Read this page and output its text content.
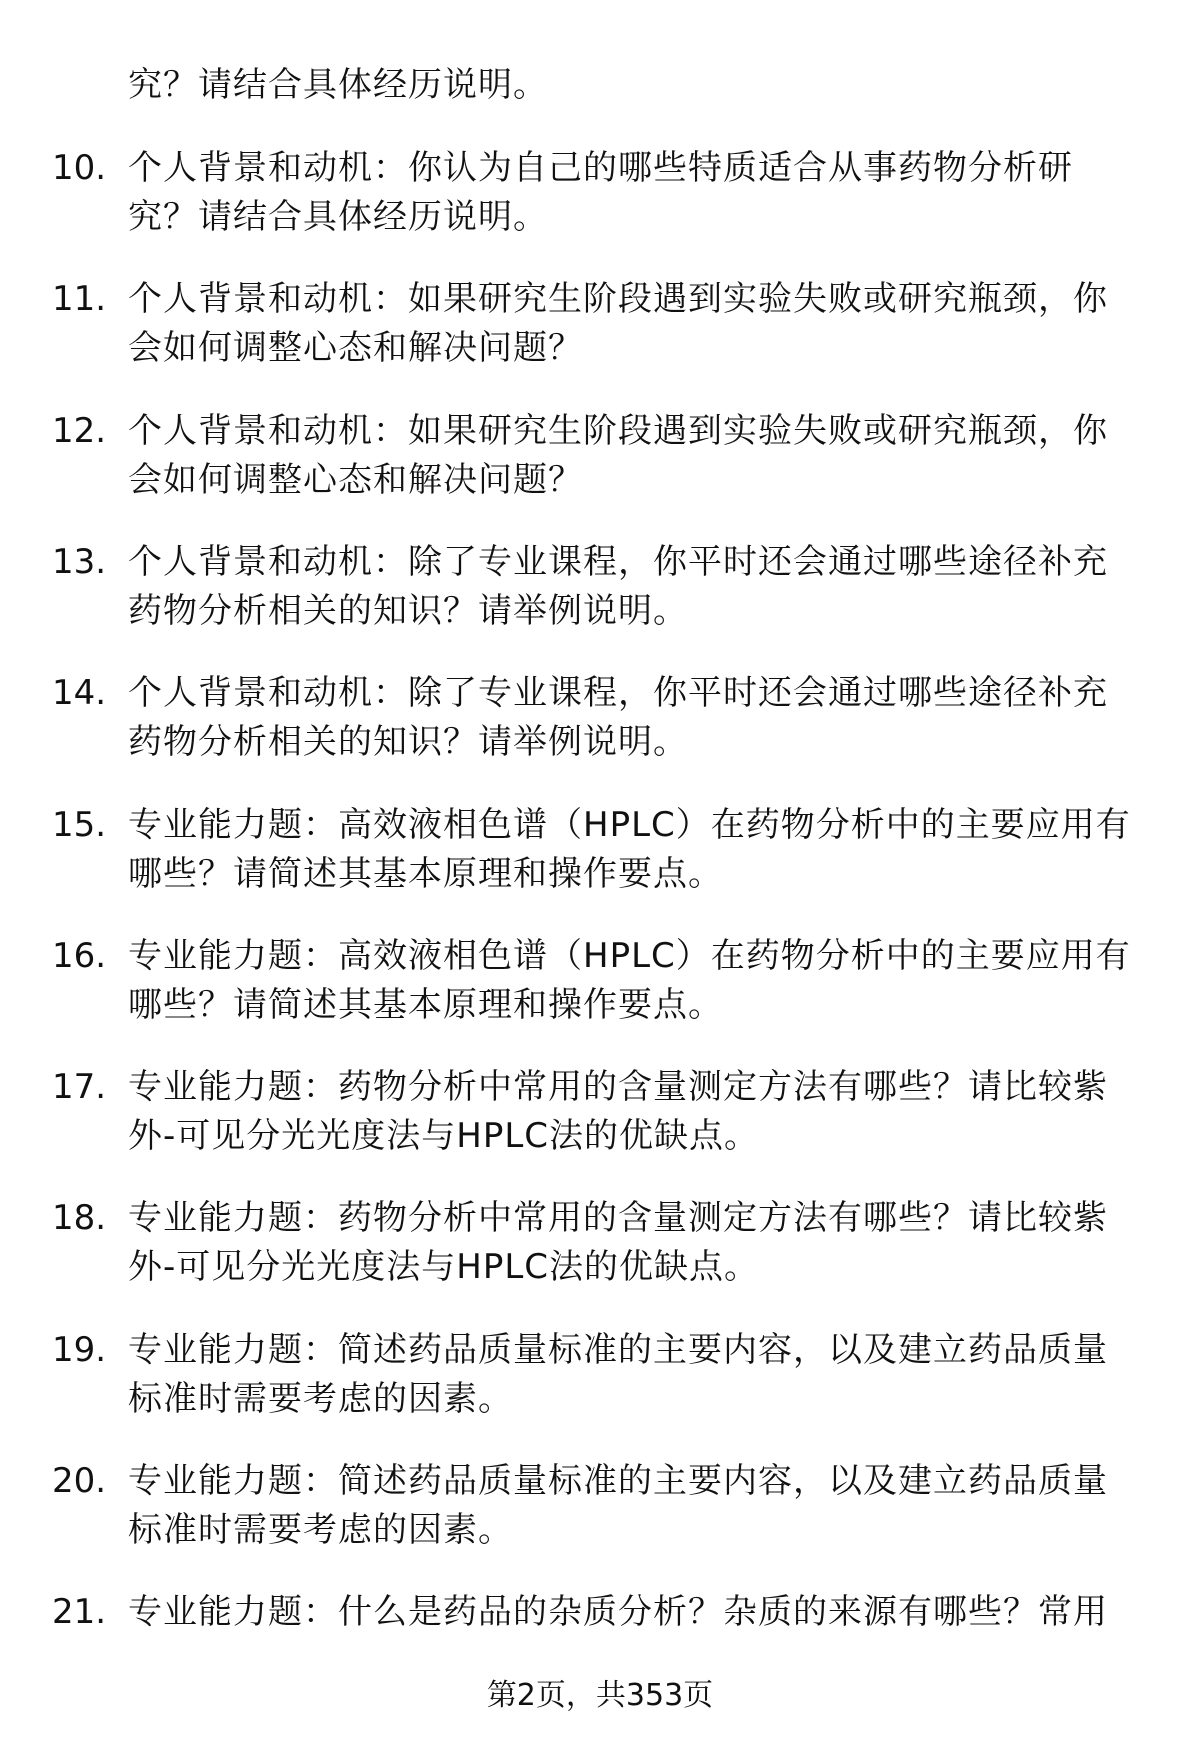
究？请结合具体经历说明。
10. 个人背景和动机：你认为自己的哪些特质适合从事药物分析研
究？请结合具体经历说明。
11. 个人背景和动机：如果研究生阶段遇到实验失败或研究瓶颈，你
会如何调整心态和解决问题？
12. 个人背景和动机：如果研究生阶段遇到实验失败或研究瓶颈，你
会如何调整心态和解决问题？
13. 个人背景和动机：除了专业课程，你平时还会通过哪些途径补充
药物分析相关的知识？请举例说明。
14. 个人背景和动机：除了专业课程，你平时还会通过哪些途径补充
药物分析相关的知识？请举例说明。
15. 专业能力题：高效液相色谱（HPLC）在药物分析中的主要应用有
哪些？请简述其基本原理和操作要点。
16. 专业能力题：高效液相色谱（HPLC）在药物分析中的主要应用有
哪些？请简述其基本原理和操作要点。
17. 专业能力题：药物分析中常用的含量测定方法有哪些？请比较紫
外-可见分光光度法与HPLC法的优缺点。
18. 专业能力题：药物分析中常用的含量测定方法有哪些？请比较紫
外-可见分光光度法与HPLC法的优缺点。
19. 专业能力题：简述药品质量标准的主要内容，以及建立药品质量
标准时需要考虑的因素。
20. 专业能力题：简述药品质量标准的主要内容，以及建立药品质量
标准时需要考虑的因素。
21. 专业能力题：什么是药品的杂质分析？杂质的来源有哪些？常用
第2页，共353页
